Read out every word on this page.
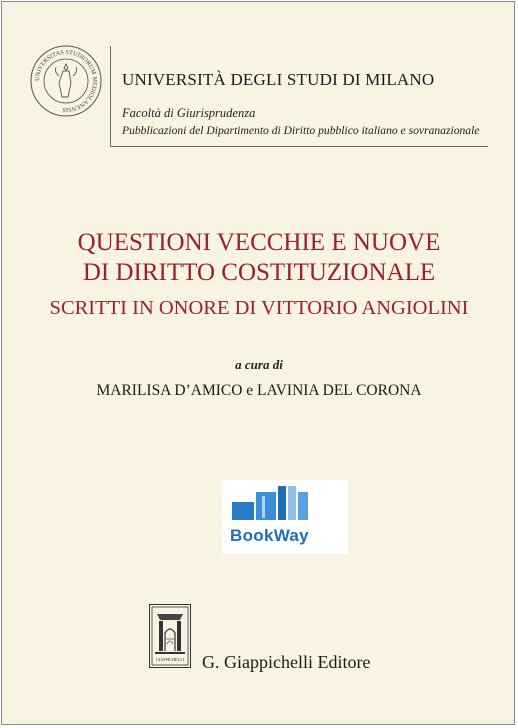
UNIVERSITAS STUDIORUM MEDIOLANENSIS
UNIVERSITÀ DEGLI STUDI DI MILANO
Facoltà di Giurisprudenza
Pubblicazioni del Dipartimento di Diritto pubblico italiano e sovranazionale
QUESTIONI VECCHIE E NUOVE
DI DIRITTO COSTITUZIONALE
SCRITTI IN ONORE DI VITTORIO ANGIOLINI
a cura di
MARILISA D’AMICO e LAVINIA DEL CORONA
BookWay
GIAPPICHELLI G. Giappichelli Editore
